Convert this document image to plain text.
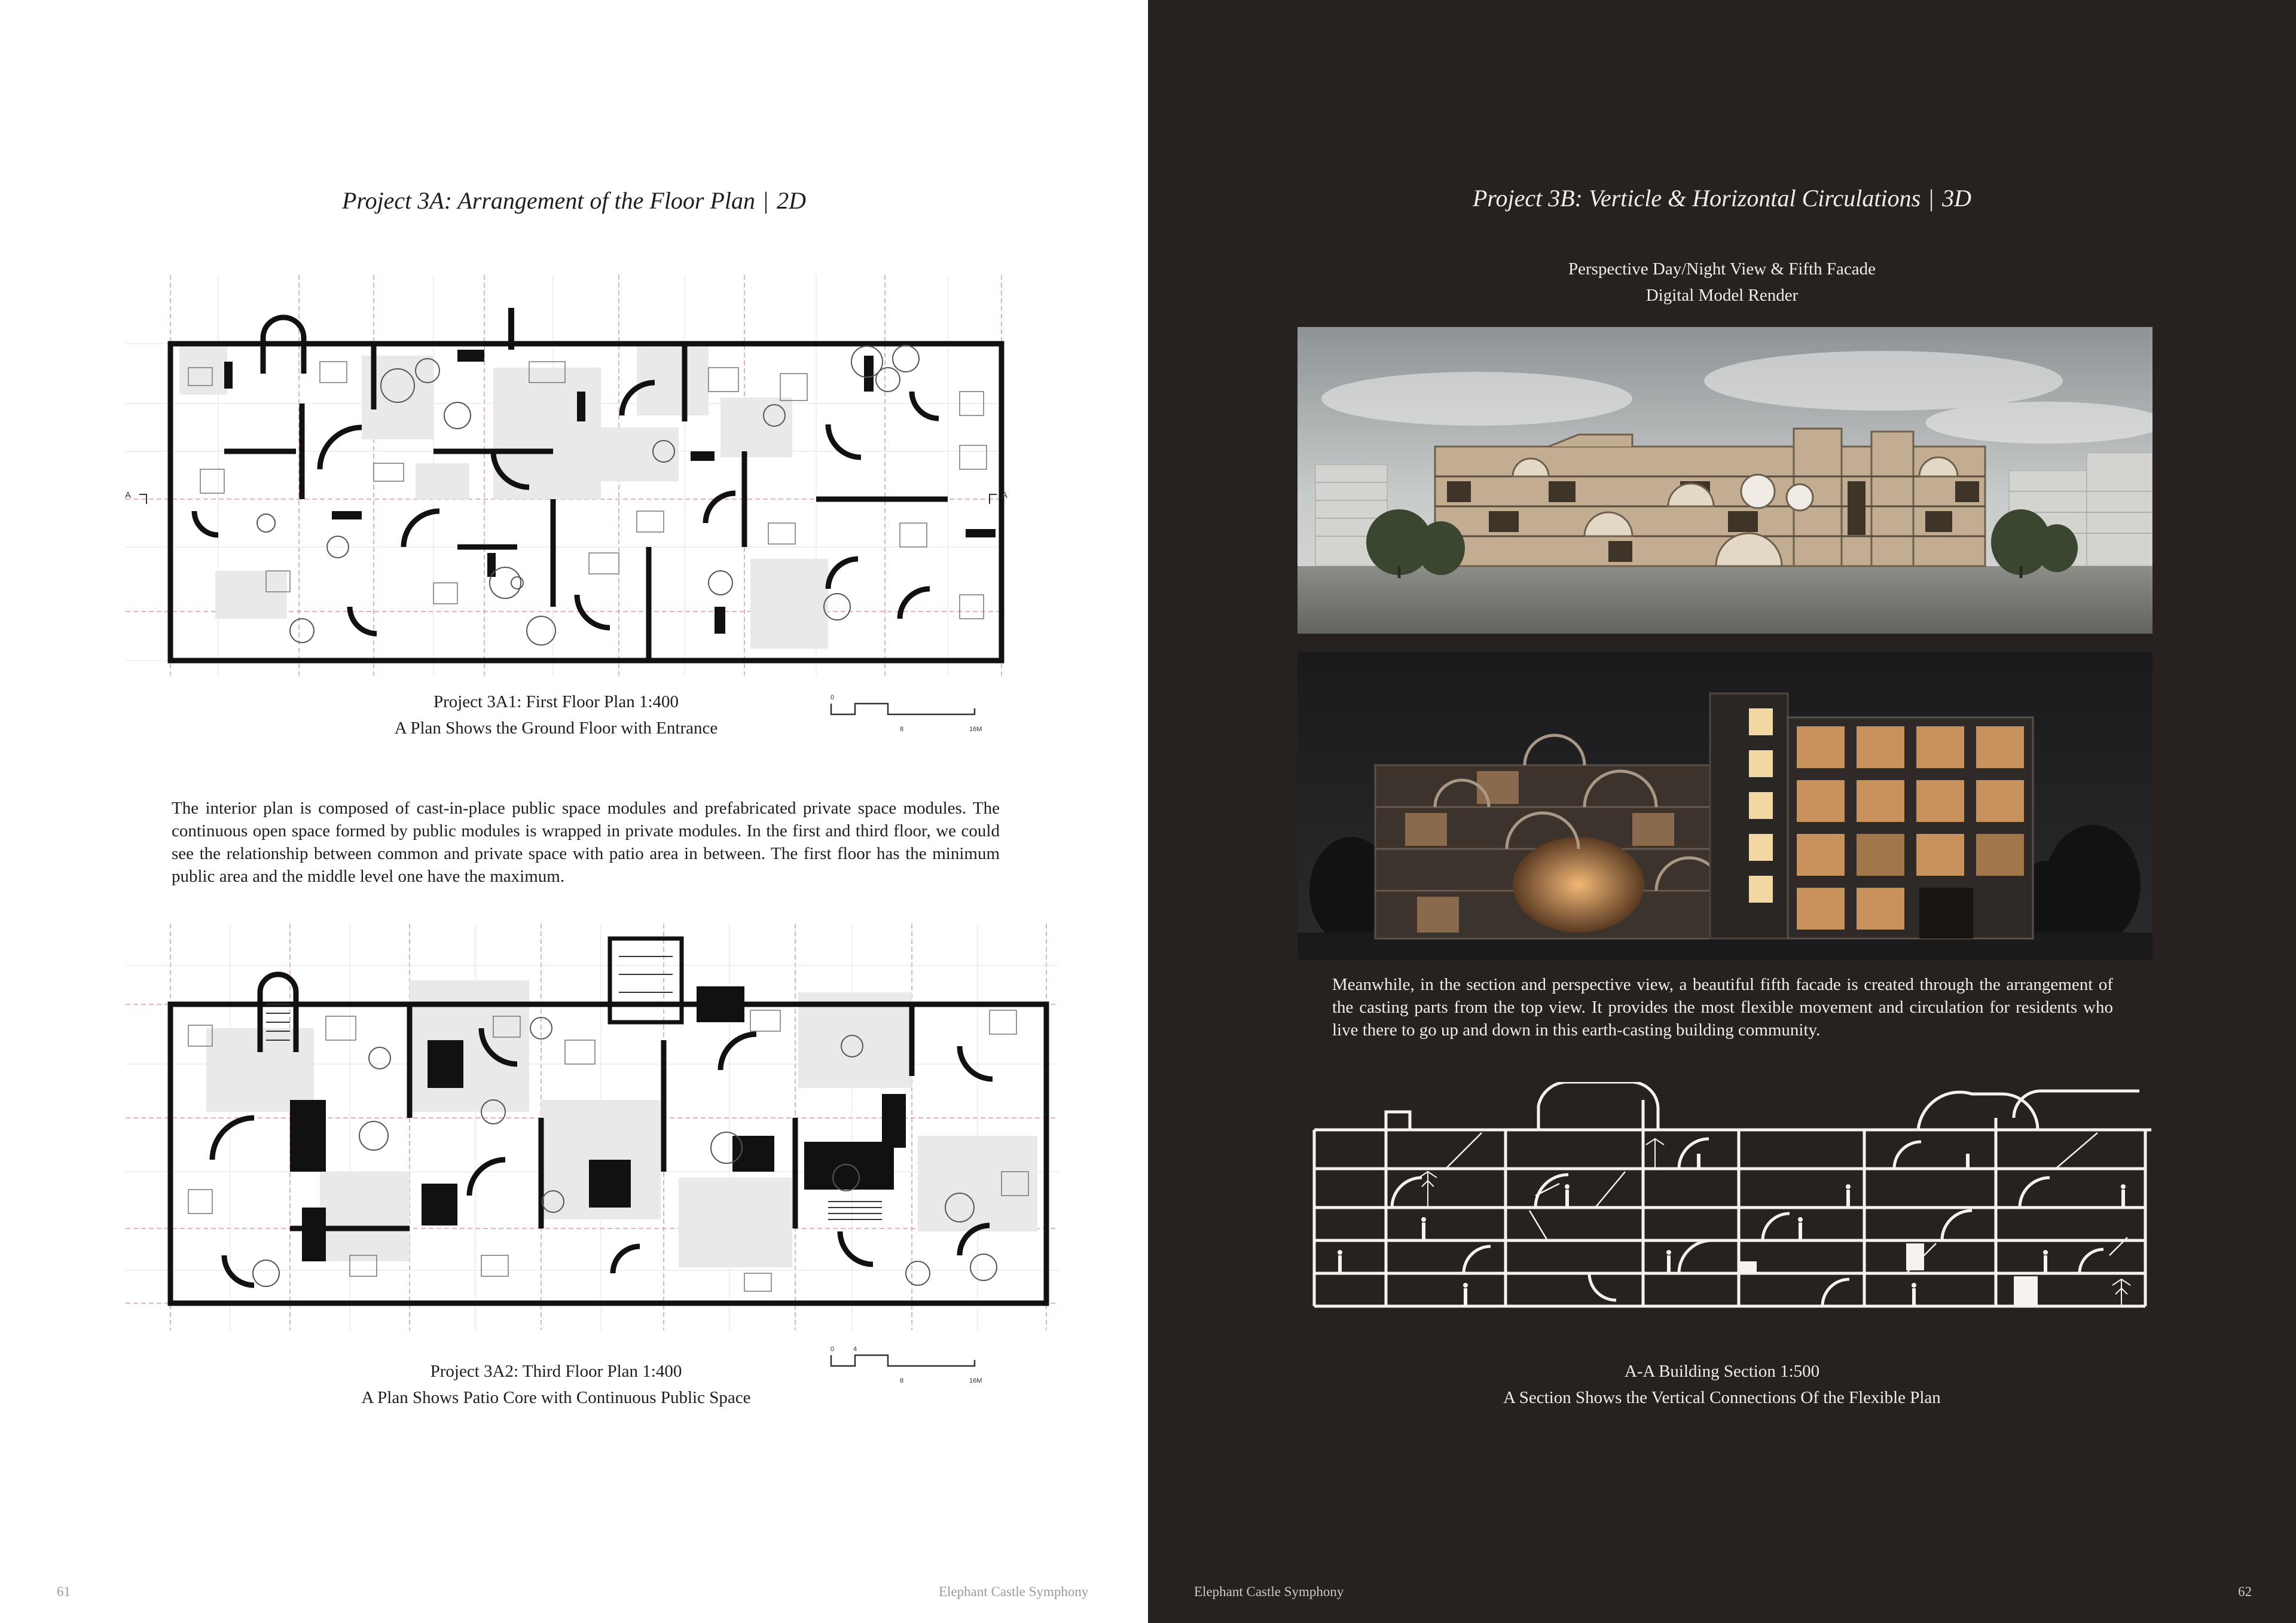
Project 3A: Arrangement of the Floor Plan | 2D
A	A
Project 3A1: First Floor Plan 1:400
A Plan Shows the Ground Floor with Entrance
0
8	16M
The interior plan is composed of cast-in-place public space modules and prefabricated private space modules. The continuous open space formed by public modules is wrapped in private modules. In the first and third floor, we could see the relationship between common and private space with patio area in between. The first floor has the minimum public area and the middle level one have the maximum.
Project 3A2: Third Floor Plan 1:400
A Plan Shows Patio Core with Continuous Public Space
0	4
8	16M
61	Elephant Castle Symphony
Project 3B: Verticle & Horizontal Circulations | 3D
Perspective Day/Night View & Fifth Facade
Digital Model Render
Meanwhile, in the section and perspective view, a beautiful fifth facade is created through the arrangement of the casting parts from the top view. It provides the most flexible movement and circulation for residents who live there to go up and down in this earth-casting building community.
A-A Building Section 1:500
A Section Shows the Vertical Connections Of the Flexible Plan
Elephant Castle Symphony	62
